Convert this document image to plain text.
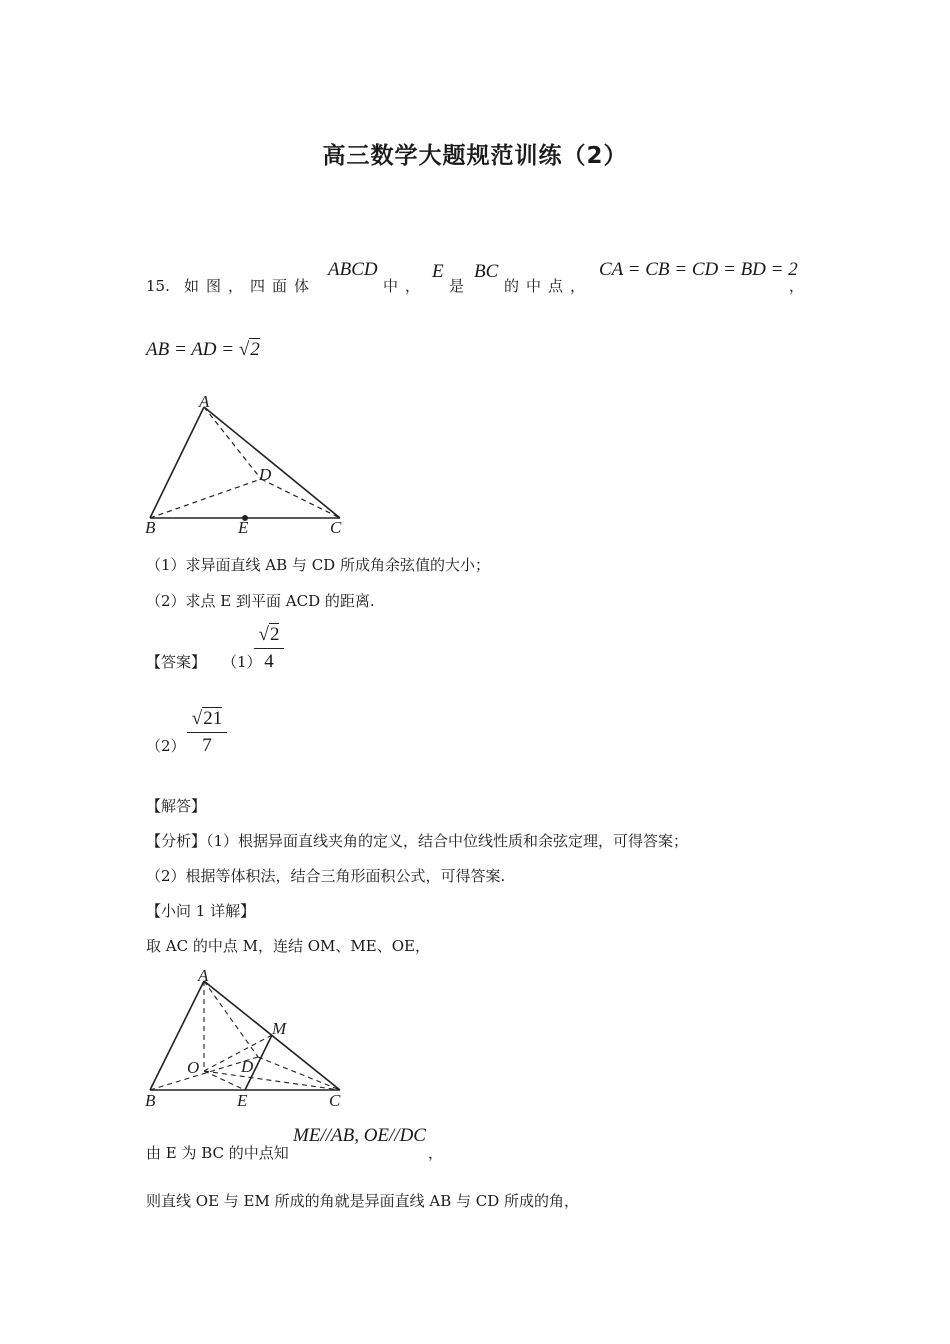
高三数学大题规范训练（2）
15. 如图，四面体
ABCD
中，
E
是
BC
的中点，
CA = CB = CD = BD = 2
，
AB = AD = √2
A
B	C
D
E
（1）求异面直线 AB 与 CD 所成角余弦值的大小；
（2）求点 E 到平面 ACD 的距离.
【答案】 （1）
$\frac{√2}{4}$
$(2) \frac{√21}{7}$
【解答】
【分析】（1）根据异面直线夹角的定义，结合中位线性质和余弦定理，可得答案；
（2）根据等体积法，结合三角形面积公式，可得答案.
【小问 1 详解】
取 AC 的中点 M，连结 OM、ME、OE，
A
B	C
D
E
M
O
由 E 为 BC 的中点知
ME//AB, OE//DC
，
则直线 OE 与 EM 所成的角就是异面直线 AB 与 CD 所成的角，
